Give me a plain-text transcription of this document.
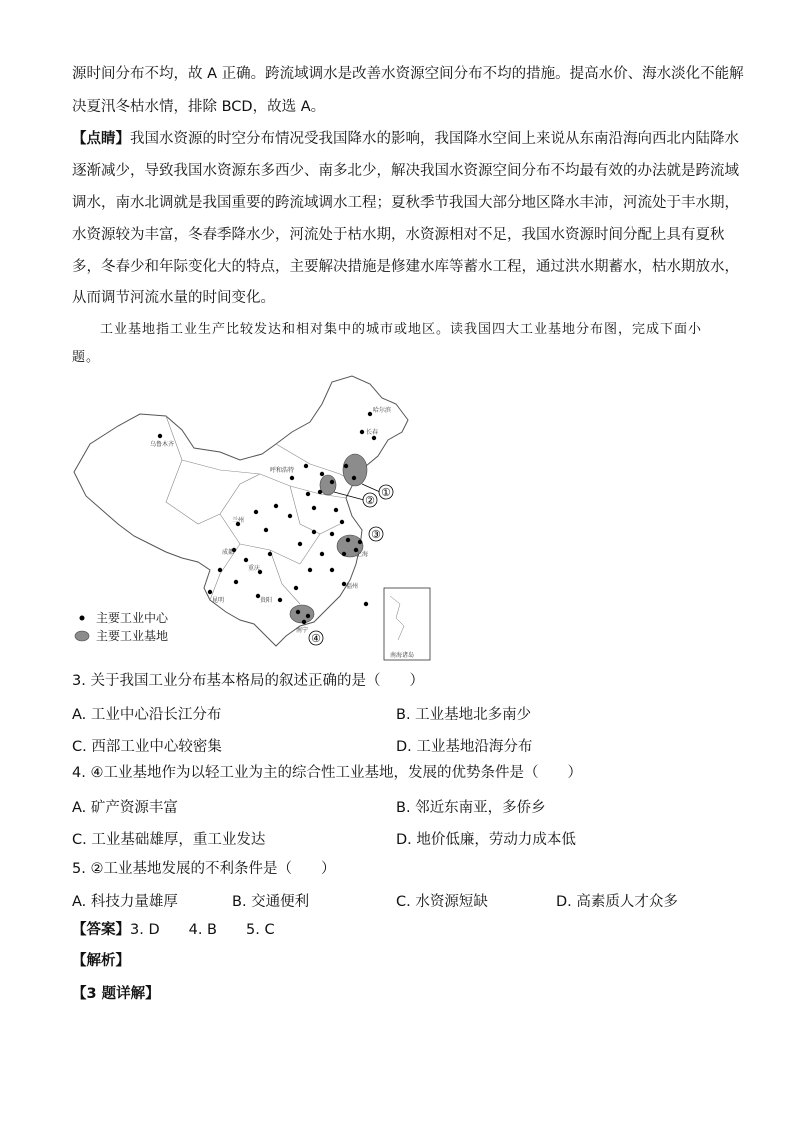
源时间分布不均，故 A 正确。跨流域调水是改善水资源空间分布不均的措施。提高水价、海水淡化不能解
决夏汛冬枯水情，排除 BCD，故选 A。
【点睛】我国水资源的时空分布情况受我国降水的影响，我国降水空间上来说从东南沿海向西北内陆降水
逐渐减少，导致我国水资源东多西少、南多北少，解决我国水资源空间分布不均最有效的办法就是跨流域
调水，南水北调就是我国重要的跨流域调水工程；夏秋季节我国大部分地区降水丰沛，河流处于丰水期，
水资源较为丰富，冬春季降水少，河流处于枯水期，水资源相对不足，我国水资源时间分配上具有夏秋
多，冬春少和年际变化大的特点，主要解决措施是修建水库等蓄水工程，通过洪水期蓄水，枯水期放水，
从而调节河流水量的时间变化。
工业基地指工业生产比较发达和相对集中的城市或地区。读我国四大工业基地分布图，完成下面小
题。
①
②
③
④
哈尔滨
长春
乌鲁木齐
呼和浩特
兰州
成都
重庆
贵阳
昆明
南宁
上海
福州
南海诸岛
主要工业中心
主要工业基地
3. 关于我国工业分布基本格局的叙述正确的是（　　）
A. 工业中心沿长江分布	B. 工业基地北多南少
C. 西部工业中心较密集	D. 工业基地沿海分布
4. ④工业基地作为以轻工业为主的综合性工业基地，发展的优势条件是（　　）
A. 矿产资源丰富	B. 邻近东南亚，多侨乡
C. 工业基础雄厚，重工业发达	D. 地价低廉，劳动力成本低
5. ②工业基地发展的不利条件是（　　）
A. 科技力量雄厚	B. 交通便利	C. 水资源短缺	D. 高素质人才众多
【答案】3. D　　4. B　　5. C
【解析】
【3 题详解】
